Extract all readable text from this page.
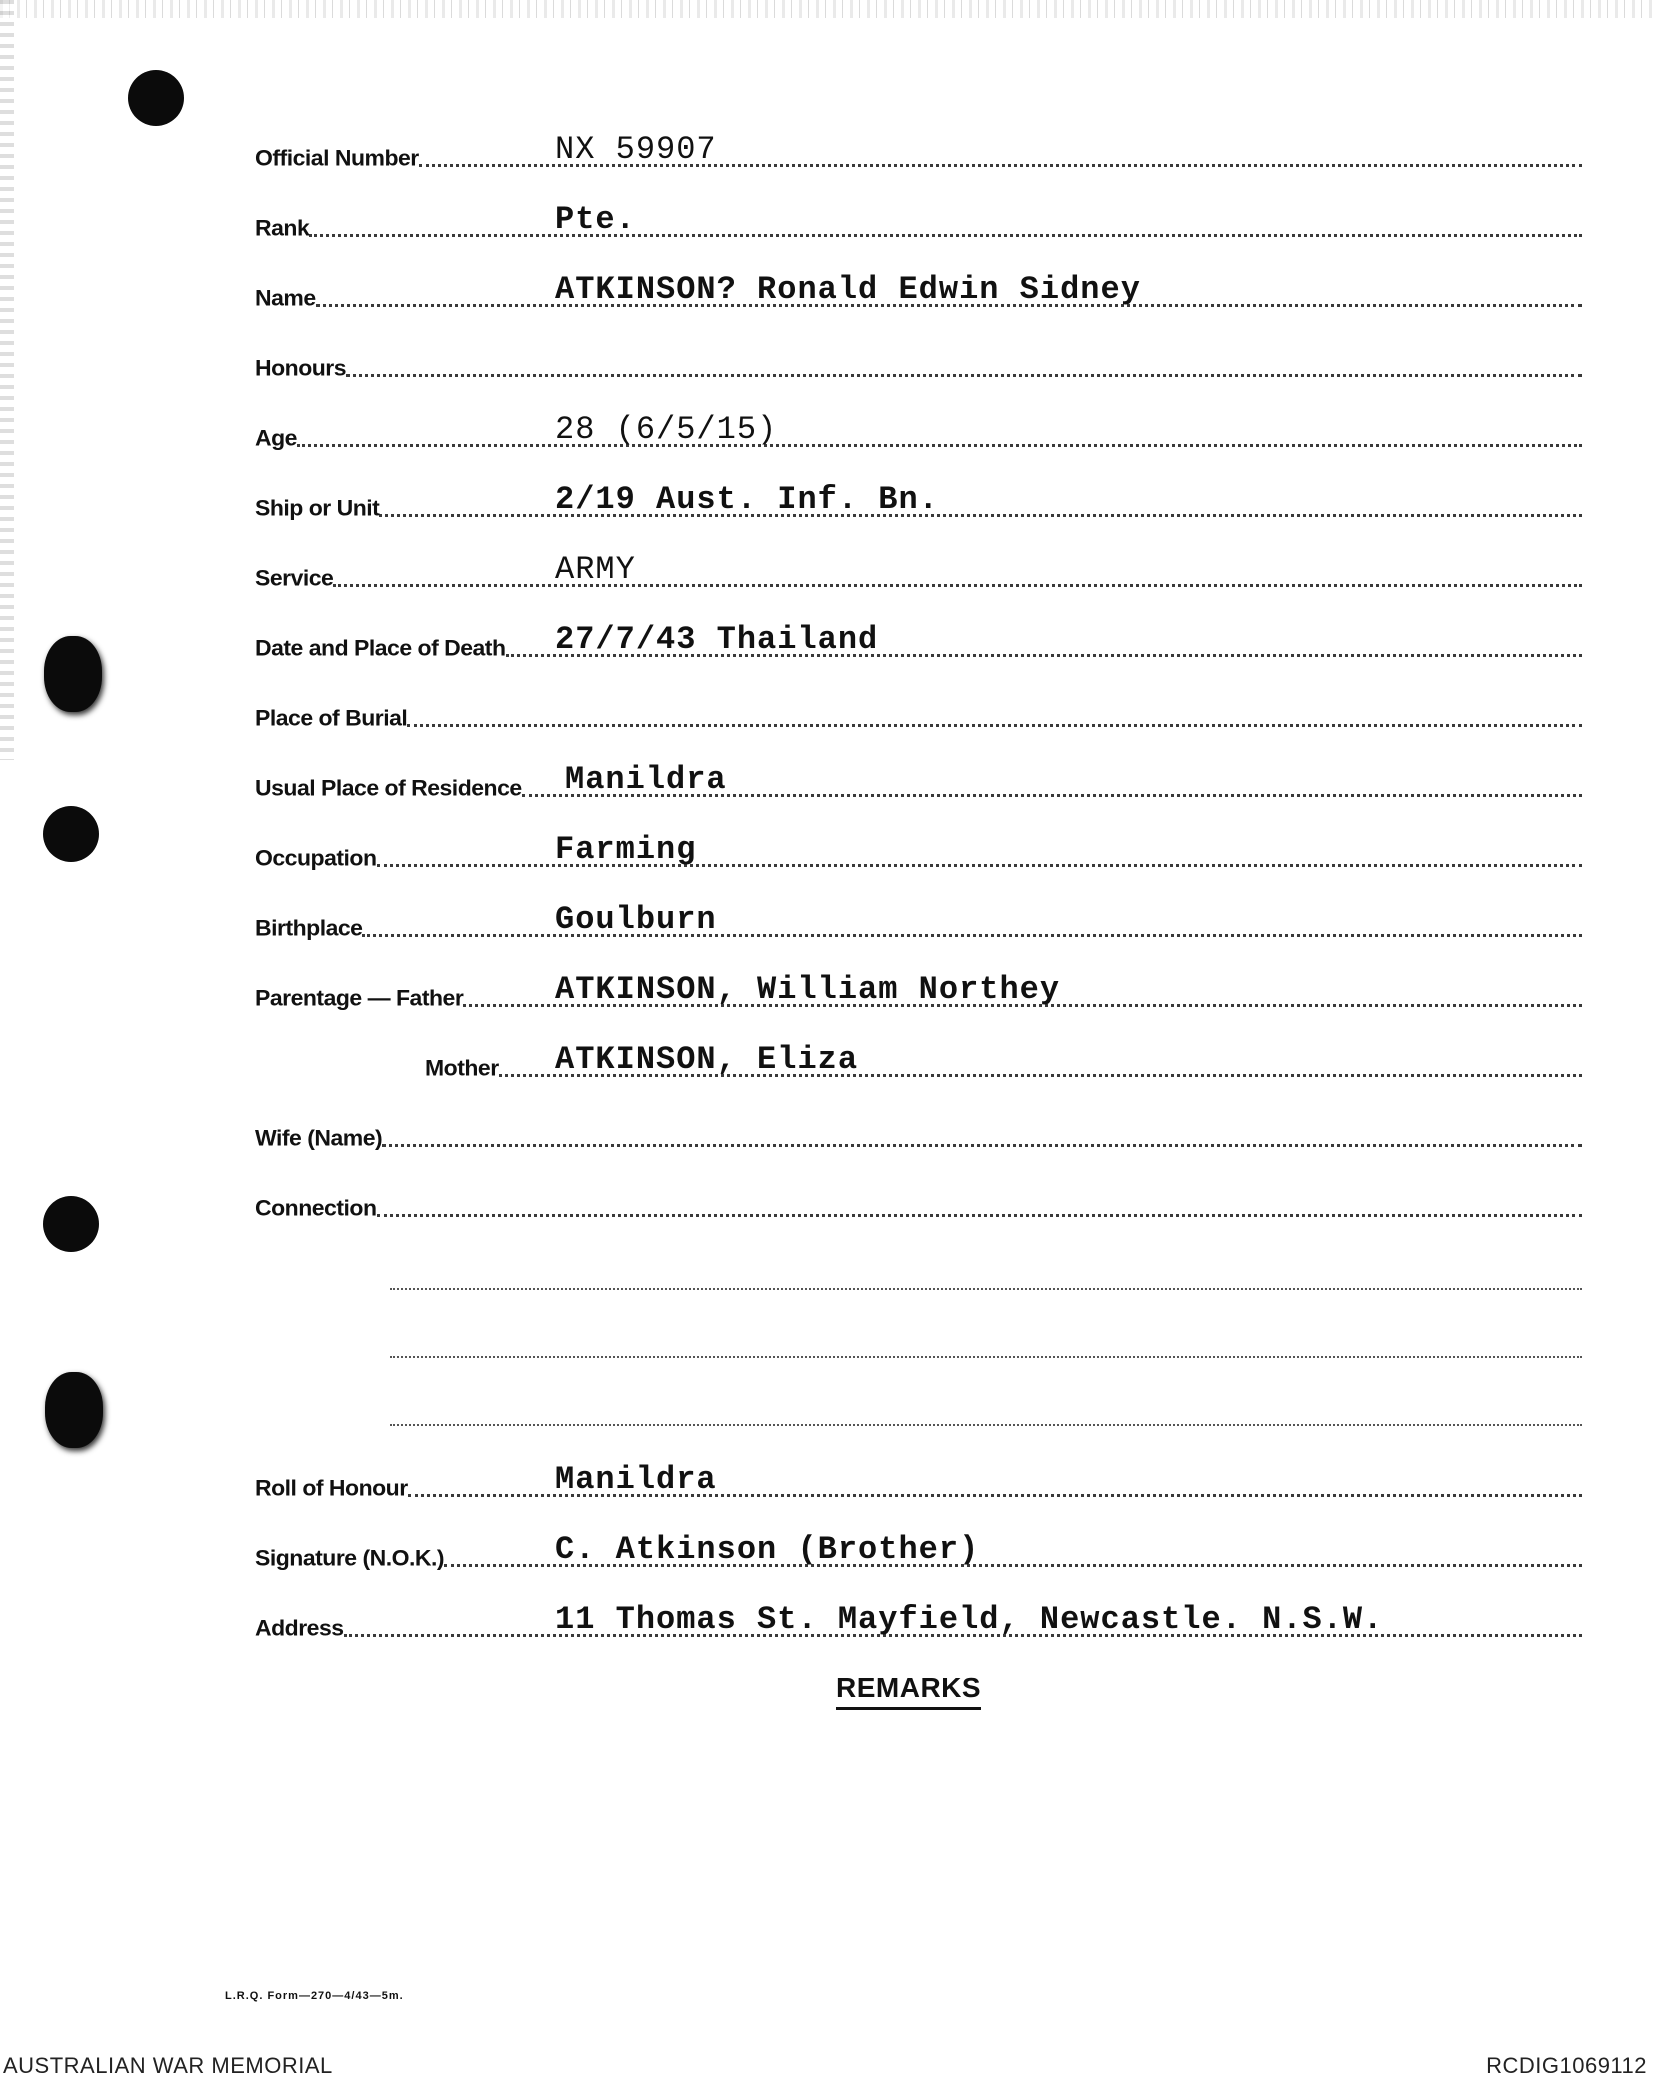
Official Number	NX 59907
Rank	Pte.
Name	ATKINSON? Ronald Edwin Sidney
Honours
Age	28 (6/5/15)
Ship or Unit	2/19 Aust. Inf. Bn.
Service	ARMY
Date and Place of Death 27/7/43 Thailand
Place of Burial
Usual Place of Residence Manildra
Occupation	Farming
Birthplace	Goulburn
Parentage — Father	ATKINSON, William Northey
Mother ATKINSON, Eliza
Wife (Name)
Connection
Roll of Honour	Manildra
Signature (N.O.K.)	C. Atkinson (Brother)
Address	11 Thomas St. Mayfield, Newcastle. N.S.W.
REMARKS
L.R.Q. Form—270—4/43—5m.
AUSTRALIAN WAR MEMORIAL	RCDIG1069112
